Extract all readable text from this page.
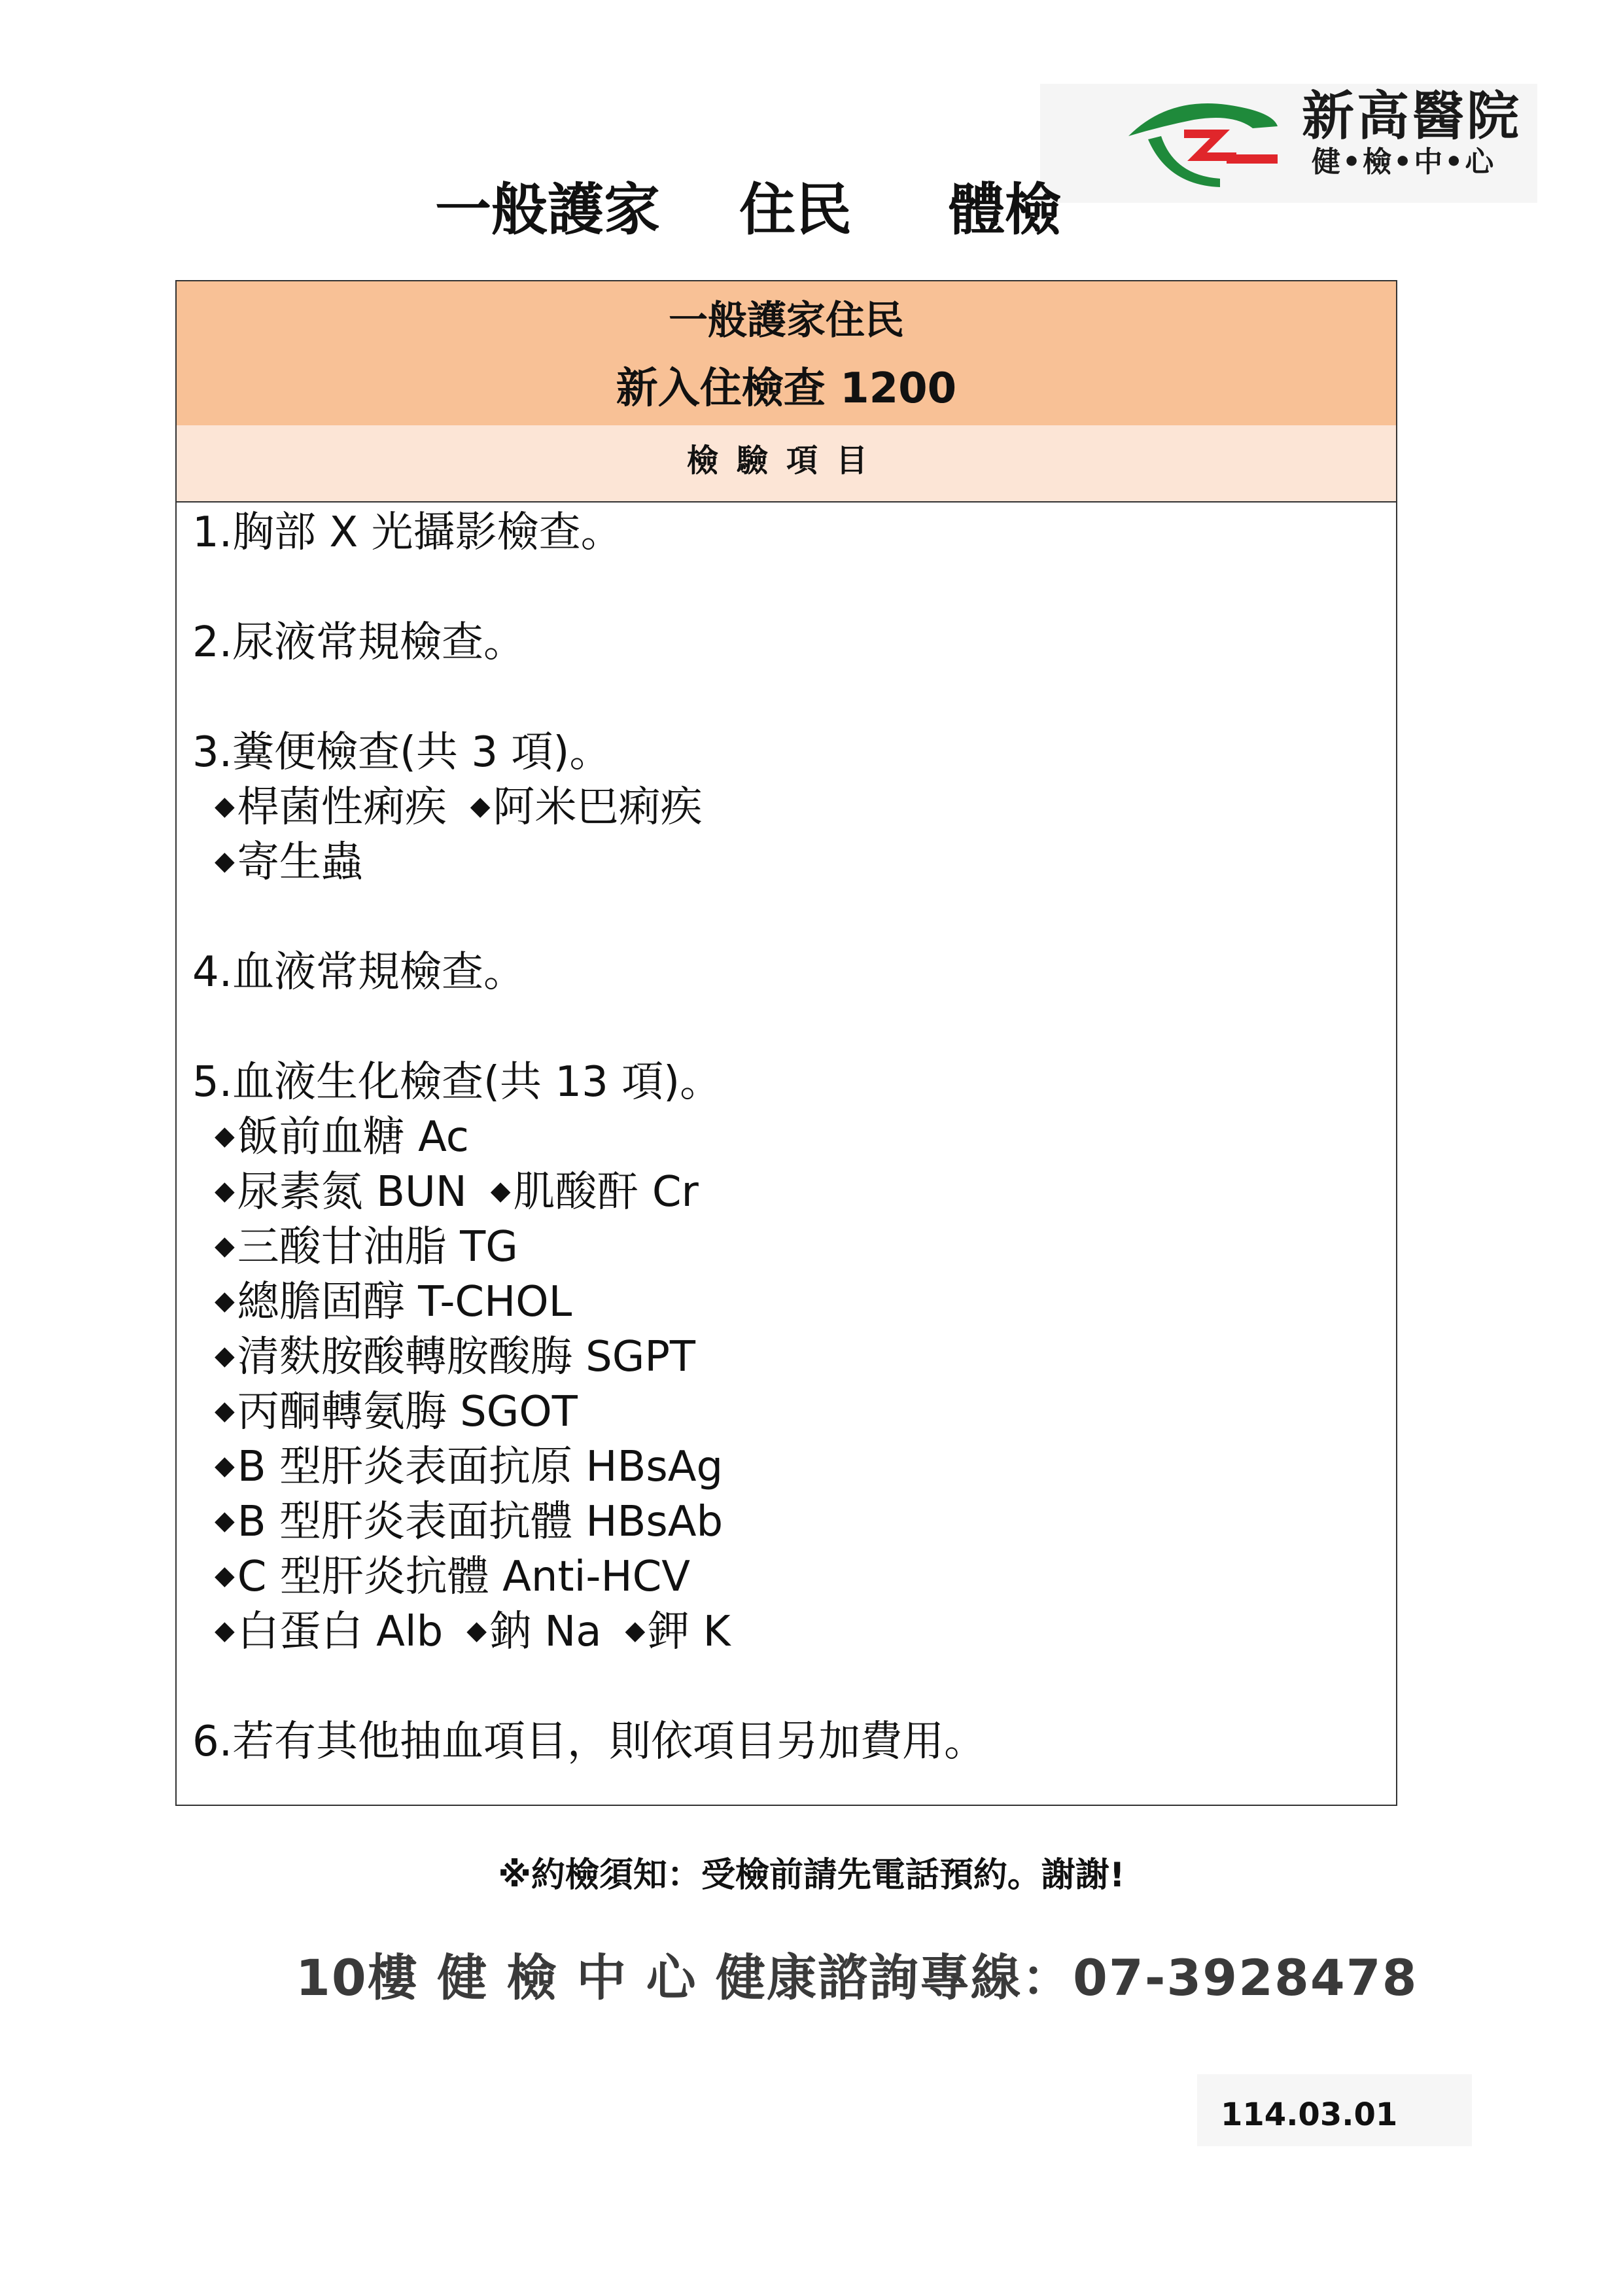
新高醫院
健•檢•中•心
一般護家 住民 體檢
一般護家住民
新入住檢查 1200
檢驗項目
1.胸部 X 光攝影檢查。
2.尿液常規檢查。
3.糞便檢查(共 3 項)。
◆桿菌性痢疾 ◆阿米巴痢疾
◆寄生蟲
4.血液常規檢查。
5.血液生化檢查(共 13 項)。
◆飯前血糖 Ac
◆尿素氮 BUN ◆肌酸酐 Cr
◆三酸甘油脂 TG
◆總膽固醇 T-CHOL
◆清麩胺酸轉胺酸脢 SGPT
◆丙酮轉氨脢 SGOT
◆B 型肝炎表面抗原 HBsAg
◆B 型肝炎表面抗體 HBsAb
◆C 型肝炎抗體 Anti-HCV
◆白蛋白 Alb ◆鈉 Na ◆鉀 K
6.若有其他抽血項目，則依項目另加費用。
※約檢須知：受檢前請先電話預約。謝謝!
10樓 健 檢 中 心 健康諮詢專線：07-3928478
114.03.01
